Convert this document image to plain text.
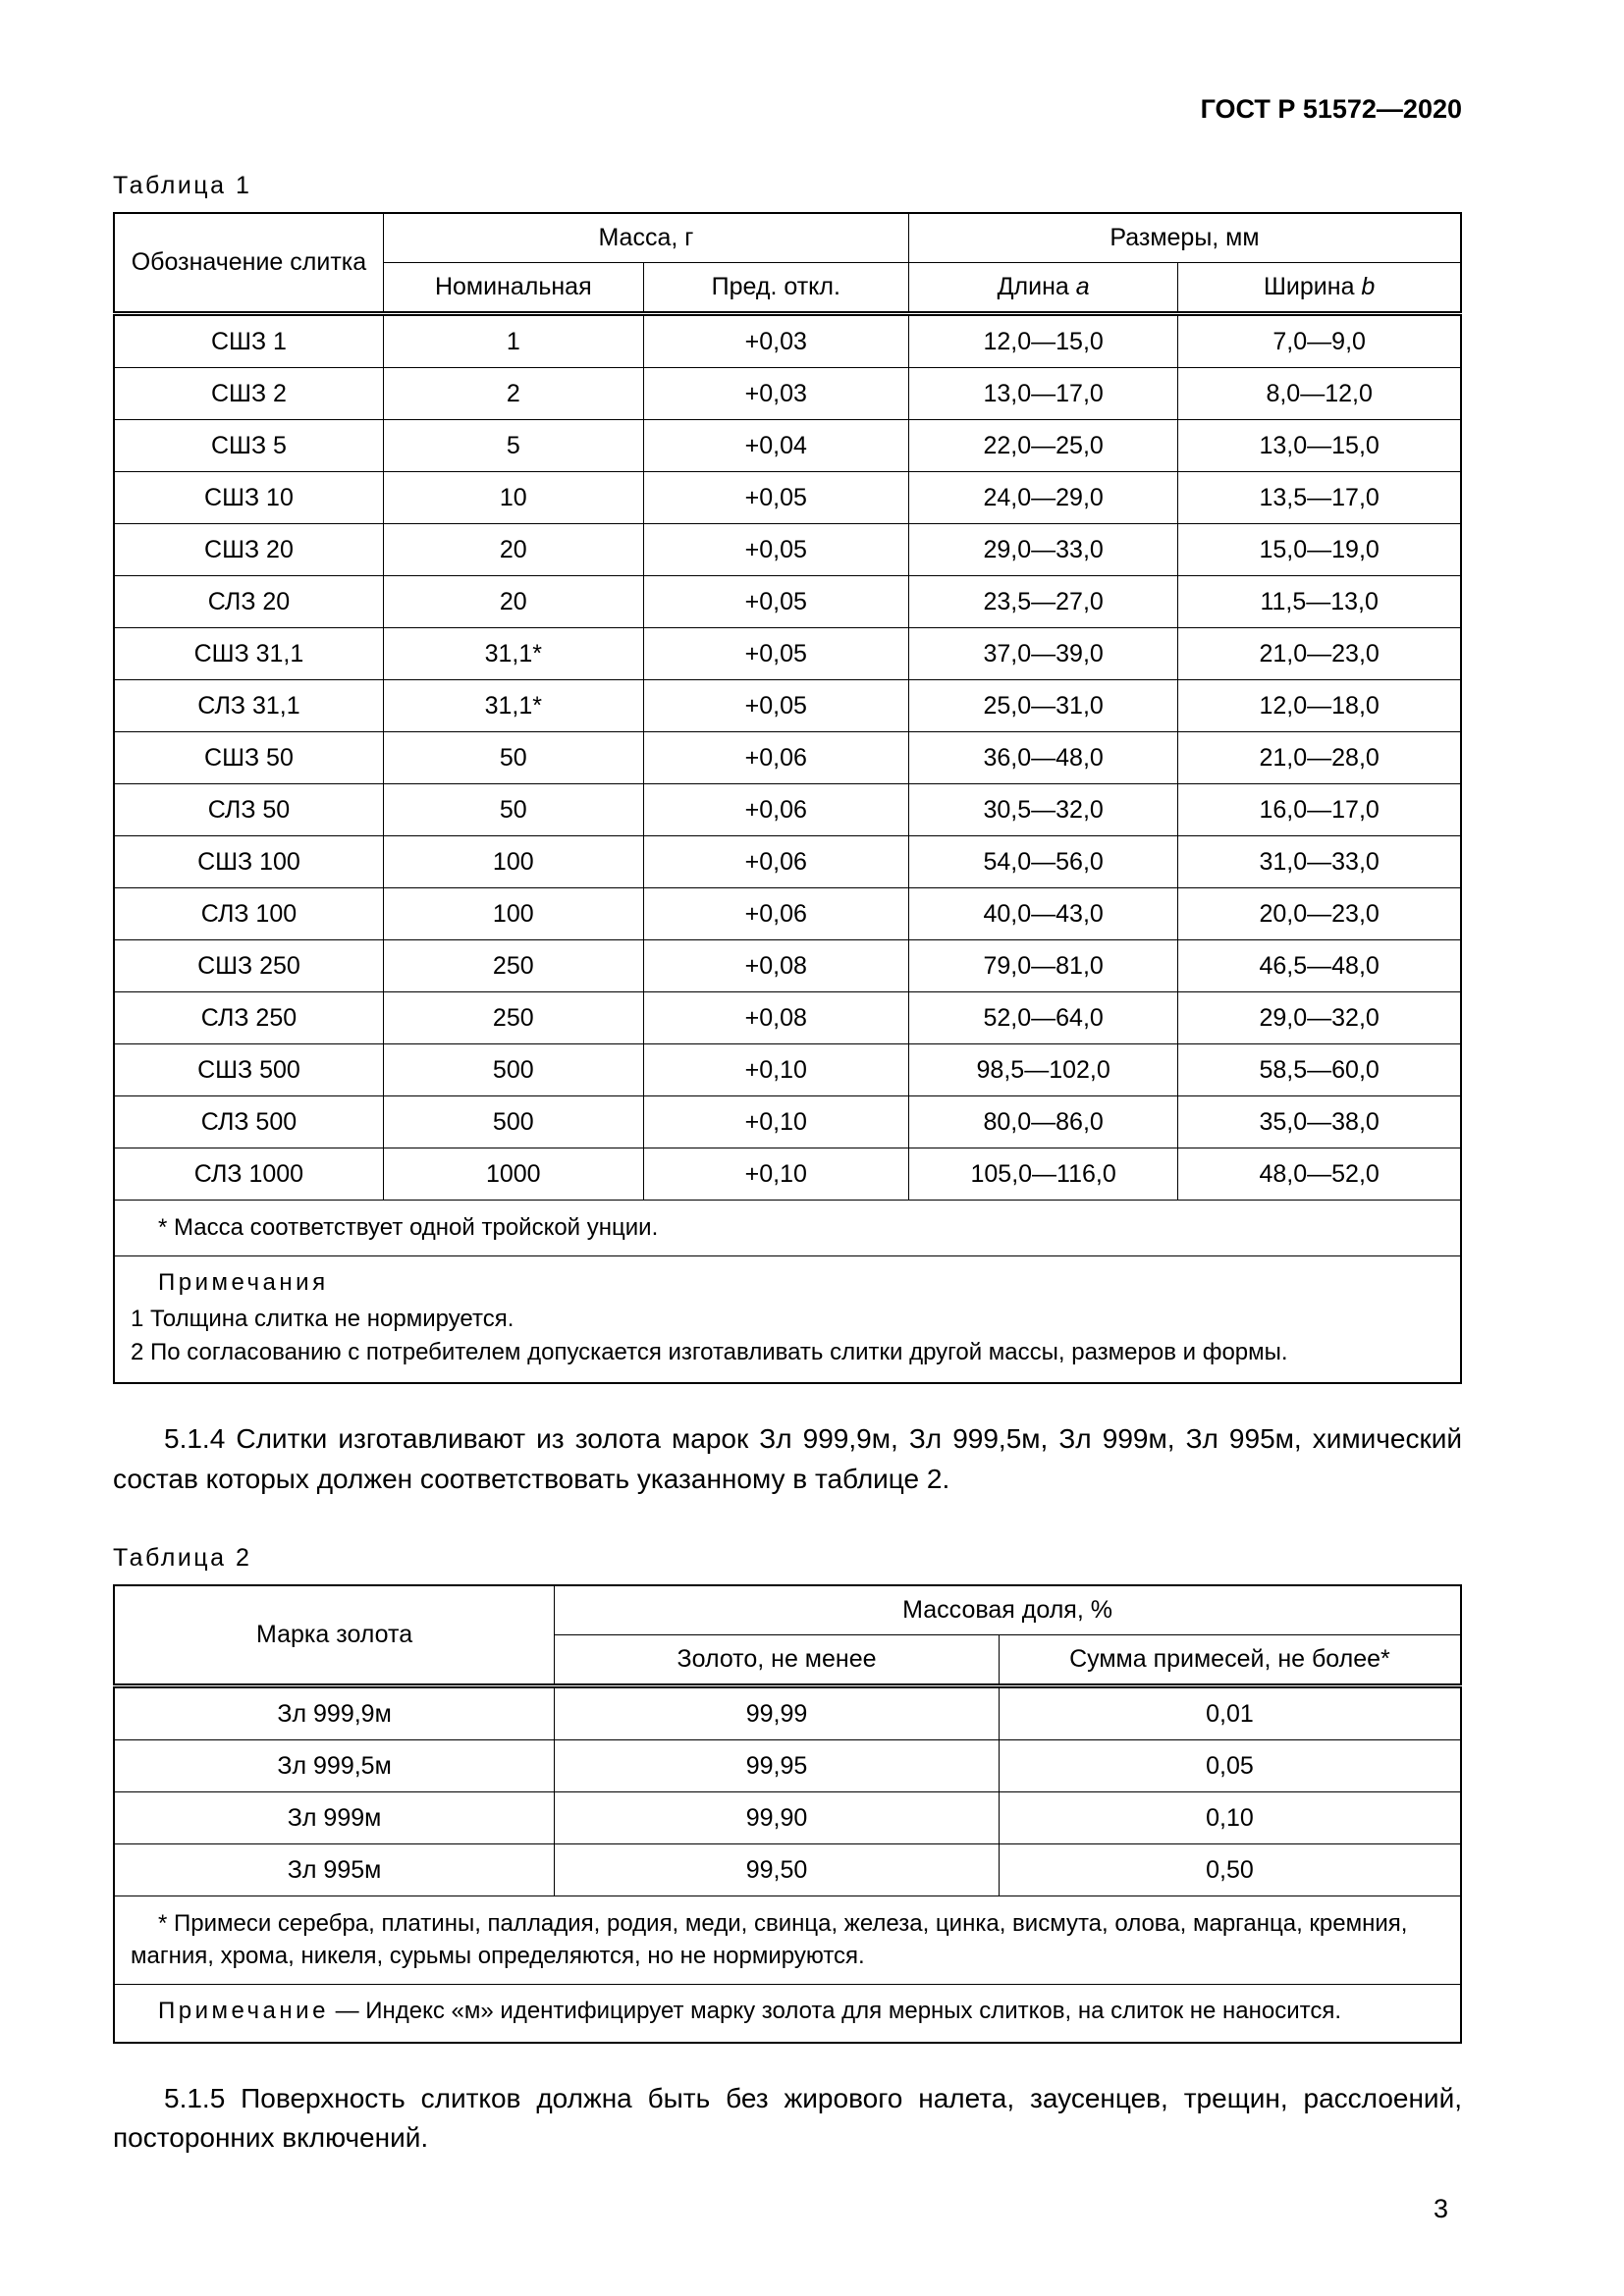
ГОСТ Р 51572—2020
Таблица 1
Обозначение слитка	Масса, г		Размеры, мм	
	Номинальная	Пред. откл.	Длина a	Ширина b
СШЗ 1	1	+0,03	12,0—15,0	7,0—9,0
СШЗ 2	2	+0,03	13,0—17,0	8,0—12,0
СШЗ 5	5	+0,04	22,0—25,0	13,0—15,0
СШЗ 10	10	+0,05	24,0—29,0	13,5—17,0
СШЗ 20	20	+0,05	29,0—33,0	15,0—19,0
СЛЗ 20	20	+0,05	23,5—27,0	11,5—13,0
СШЗ 31,1	31,1*	+0,05	37,0—39,0	21,0—23,0
СЛЗ 31,1	31,1*	+0,05	25,0—31,0	12,0—18,0
СШЗ 50	50	+0,06	36,0—48,0	21,0—28,0
СЛЗ 50	50	+0,06	30,5—32,0	16,0—17,0
СШЗ 100	100	+0,06	54,0—56,0	31,0—33,0
СЛЗ 100	100	+0,06	40,0—43,0	20,0—23,0
СШЗ 250	250	+0,08	79,0—81,0	46,5—48,0
СЛЗ 250	250	+0,08	52,0—64,0	29,0—32,0
СШЗ 500	500	+0,10	98,5—102,0	58,5—60,0
СЛЗ 500	500	+0,10	80,0—86,0	35,0—38,0
СЛЗ 1000	1000	+0,10	105,0—116,0	48,0—52,0
* Масса соответствует одной тройской унции.				

Примечания
1 Толщина слитка не нормируется.
2 По согласованию с потребителем допускается изготавливать слитки другой массы, размеров и формы.				

5.1.4 Слитки изготавливают из золота марок Зл 999,9м, Зл 999,5м, Зл 999м, Зл 995м, химический состав которых должен соответствовать указанному в таблице 2.

Таблица 2
Марка золота	Массовая доля, %	
	Золото, не менее	Сумма примесей, не более*
Зл 999,9м	99,99	0,01
Зл 999,5м	99,95	0,05
Зл 999м	99,90	0,10
Зл 995м	99,50	0,50
* Примеси серебра, платины, палладия, родия, меди, свинца, железа, цинка, висмута, олова, марганца, кремния, магния, хрома, никеля, сурьмы определяются, но не нормируются.		

Примечание — Индекс «м» идентифицирует марку золота для мерных слитков, на слиток не наносится.		

5.1.5 Поверхность слитков должна быть без жирового налета, заусенцев, трещин, расслоений, посторонних включений.

3
